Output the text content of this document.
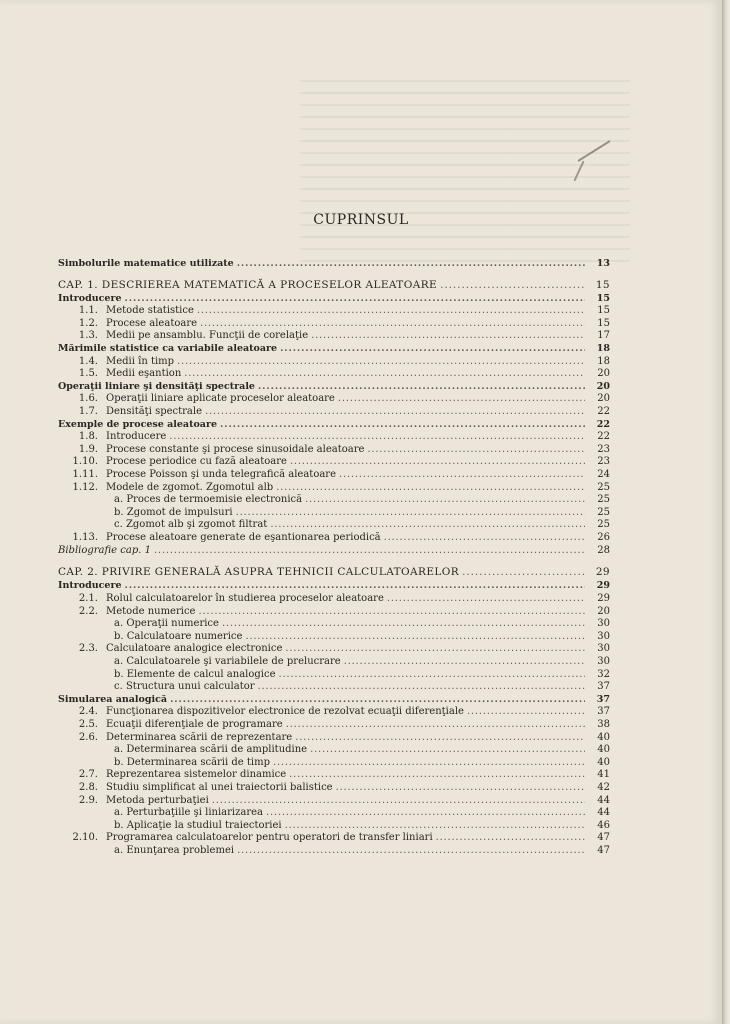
CUPRINSUL
Simbolurile matematice utilizate . . .	13
CAP. 1. DESCRIEREA MATEMATICĂ A PROCESELOR ALEATOARE . . .	15
Introducere . . .	15
1.1. Metode statistice . . .	15
1.2. Procese aleatoare . . .	15
1.3. Medii pe ansamblu. Funcţii de corelaţie . . .	17
Mărimile statistice ca variabile aleatoare . . .	18
1.4. Medii în timp . . .	18
1.5. Medii eşantion . . .	20
Operaţii liniare şi densităţi spectrale . . .	20
1.6. Operaţii liniare aplicate proceselor aleatoare . . .	20
1.7. Densităţi spectrale . . .	22
Exemple de procese aleatoare . . .	22
1.8. Introducere . . .	22
1.9. Procese constante şi procese sinusoidale aleatoare . . .	23
1.10. Procese periodice cu fază aleatoare . . .	23
1.11. Procese Poisson şi unda telegrafică aleatoare . . .	24
1.12. Modele de zgomot. Zgomotul alb . . .	25
a. Proces de termoemisie electronică . . .	25
b. Zgomot de impulsuri . . .	25
c. Zgomot alb şi zgomot filtrat . . .	25
1.13. Procese aleatoare generate de eşantionarea periodică . . .	26
Bibliografie cap. 1 . . .	28
CAP. 2. PRIVIRE GENERALĂ ASUPRA TEHNICII CALCULATOARELOR . . .	29
Introducere . . .	29
2.1. Rolul calculatoarelor în studierea proceselor aleatoare . . .	29
2.2. Metode numerice . . .	20
a. Operaţii numerice . . .	30
b. Calculatoare numerice . . .	30
2.3. Calculatoare analogice electronice . . .	30
a. Calculatoarele şi variabilele de prelucrare . . .	30
b. Elemente de calcul analogice . . .	32
c. Structura unui calculator . . .	37
Simularea analogică . . .	37
2.4. Funcţionarea dispozitivelor electronice de rezolvat ecuaţii diferenţiale . . .	37
2.5. Ecuaţii diferenţiale de programare . . .	38
2.6. Determinarea scării de reprezentare . . .	40
a. Determinarea scării de amplitudine . . .	40
b. Determinarea scării de timp . . .	40
2.7. Reprezentarea sistemelor dinamice . . .	41
2.8. Studiu simplificat al unei traiectorii balistice . . .	42
2.9. Metoda perturbaţiei . . .	44
a. Perturbaţiile şi liniarizarea . . .	44
b. Aplicaţie la studiul traiectoriei . . .	46
2.10. Programarea calculatoarelor pentru operatori de transfer liniari . . .	47
a. Enunţarea problemei . . .	47
